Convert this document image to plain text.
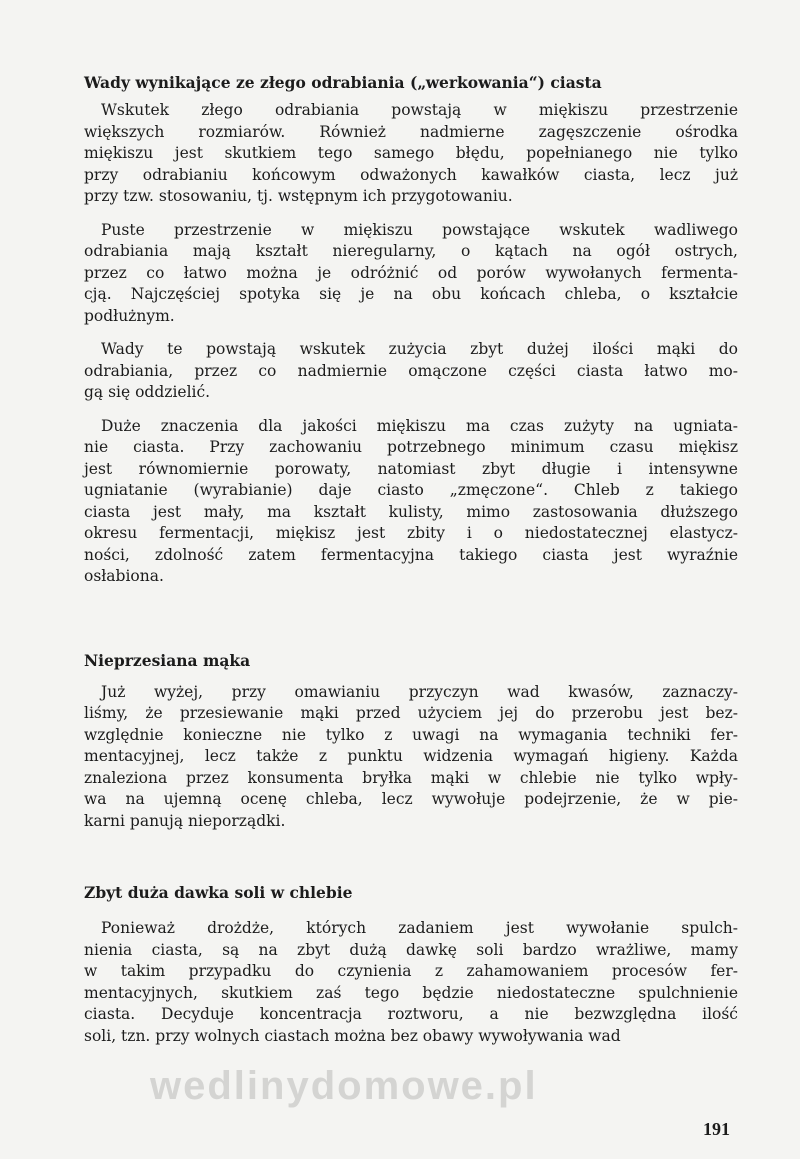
Wady wynikające ze złego odrabiania („werkowania“) ciasta

Wskutek złego odrabiania powstają w miękiszu przestrzenie
większych rozmiarów. Również nadmierne zagęszczenie ośrodka
miękiszu jest skutkiem tego samego błędu, popełnianego nie tylko
przy odrabianiu końcowym odważonych kawałków ciasta, lecz już
przy tzw. stosowaniu, tj. wstępnym ich przygotowaniu.

Puste przestrzenie w miękiszu powstające wskutek wadliwego
odrabiania mają kształt nieregularny, o kątach na ogół ostrych,
przez co łatwo można je odróżnić od porów wywołanych fermenta-
cją. Najczęściej spotyka się je na obu końcach chleba, o kształcie
podłużnym.

Wady te powstają wskutek zużycia zbyt dużej ilości mąki do
odrabiania, przez co nadmiernie omączone części ciasta łatwo mo-
gą się oddzielić.

Duże znaczenia dla jakości miękiszu ma czas zużyty na ugniata-
nie ciasta. Przy zachowaniu potrzebnego minimum czasu miękisz
jest równomiernie porowaty, natomiast zbyt długie i intensywne
ugniatanie (wyrabianie) daje ciasto „zmęczone“. Chleb z takiego
ciasta jest mały, ma kształt kulisty, mimo zastosowania dłuższego
okresu fermentacji, miękisz jest zbity i o niedostatecznej elastycz-
ności, zdolność zatem fermentacyjna takiego ciasta jest wyraźnie
osłabiona.

Nieprzesiana mąka

Już wyżej, przy omawianiu przyczyn wad kwasów, zaznaczy-
liśmy, że przesiewanie mąki przed użyciem jej do przerobu jest bez-
względnie konieczne nie tylko z uwagi na wymagania techniki fer-
mentacyjnej, lecz także z punktu widzenia wymagań higieny. Każda
znaleziona przez konsumenta bryłka mąki w chlebie nie tylko wpły-
wa na ujemną ocenę chleba, lecz wywołuje podejrzenie, że w pie-
karni panują nieporządki.

Zbyt duża dawka soli w chlebie

Ponieważ drożdże, których zadaniem jest wywołanie spulch-
nienia ciasta, są na zbyt dużą dawkę soli bardzo wrażliwe, mamy
w takim przypadku do czynienia z zahamowaniem procesów fer-
mentacyjnych, skutkiem zaś tego będzie niedostateczne spulchnienie
ciasta. Decyduje koncentracja roztworu, a nie bezwzględna ilość
soli, tzn. przy wolnych ciastach można bez obawy wywoływania wad

wedlinydomowe.pl
191
